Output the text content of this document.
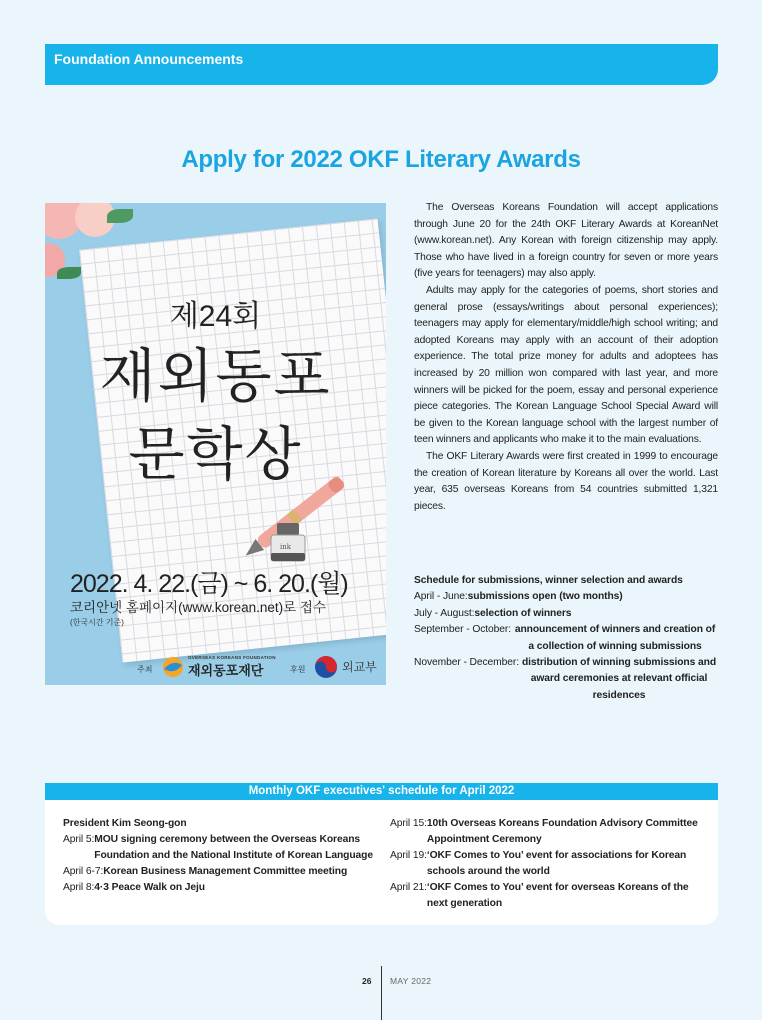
Foundation Announcements
Apply for 2022 OKF Literary Awards
제24회
재외동포
문학상
ink
2022. 4. 22.(금) ~ 6. 20.(월)
코리안넷 홈페이지(www.korean.net)로 접수
(한국시간 기준)
주최
OVERSEAS KOREANS FOUNDATION
재외동포재단	후원	외교부

The Overseas Koreans Foundation will accept applications through June 20 for the 24th OKF Literary Awards at KoreanNet (www.korean.net). Any Korean with foreign citizenship may apply. Those who have lived in a foreign country for seven or more years (five years for teenagers) may also apply.

Adults may apply for the categories of poems, short stories and general prose (essays/writings about personal experiences); teenagers may apply for elementary/middle/high school writing; and adopted Koreans may apply with an account of their adoption experience. The total prize money for adults and adoptees has increased by 20 million won compared with last year, and more winners will be picked for the poem, essay and personal experience piece categories. The Korean Language School Special Award will be given to the Korean language school with the largest number of teen winners and applicants who make it to the main evaluations.

The OKF Literary Awards were first created in 1999 to encourage the creation of Korean literature by Koreans all over the world. Last year, 635 overseas Koreans from 54 countries submitted 1,321 pieces.

Schedule for submissions, winner selection and awards
April - June: submissions open (two months)
July - August: selection of winners
September - October: announcement of winners and creation of a collection of winning submissions
November - December: distribution of winning submissions and award ceremonies at relevant official residences
Monthly OKF executives' schedule for April 2022
President Kim Seong-gon
April 5: MOU signing ceremony between the Overseas Koreans Foundation and the National Institute of Korean Language
April 6-7: Korean Business Management Committee meeting
April 8: 4·3 Peace Walk on Jeju
April 15: 10th Overseas Koreans Foundation Advisory Committee Appointment Ceremony
April 19: ‘OKF Comes to You’ event for associations for Korean schools around the world
April 21: ‘OKF Comes to You’ event for overseas Koreans of the next generation
26 MAY 2022
